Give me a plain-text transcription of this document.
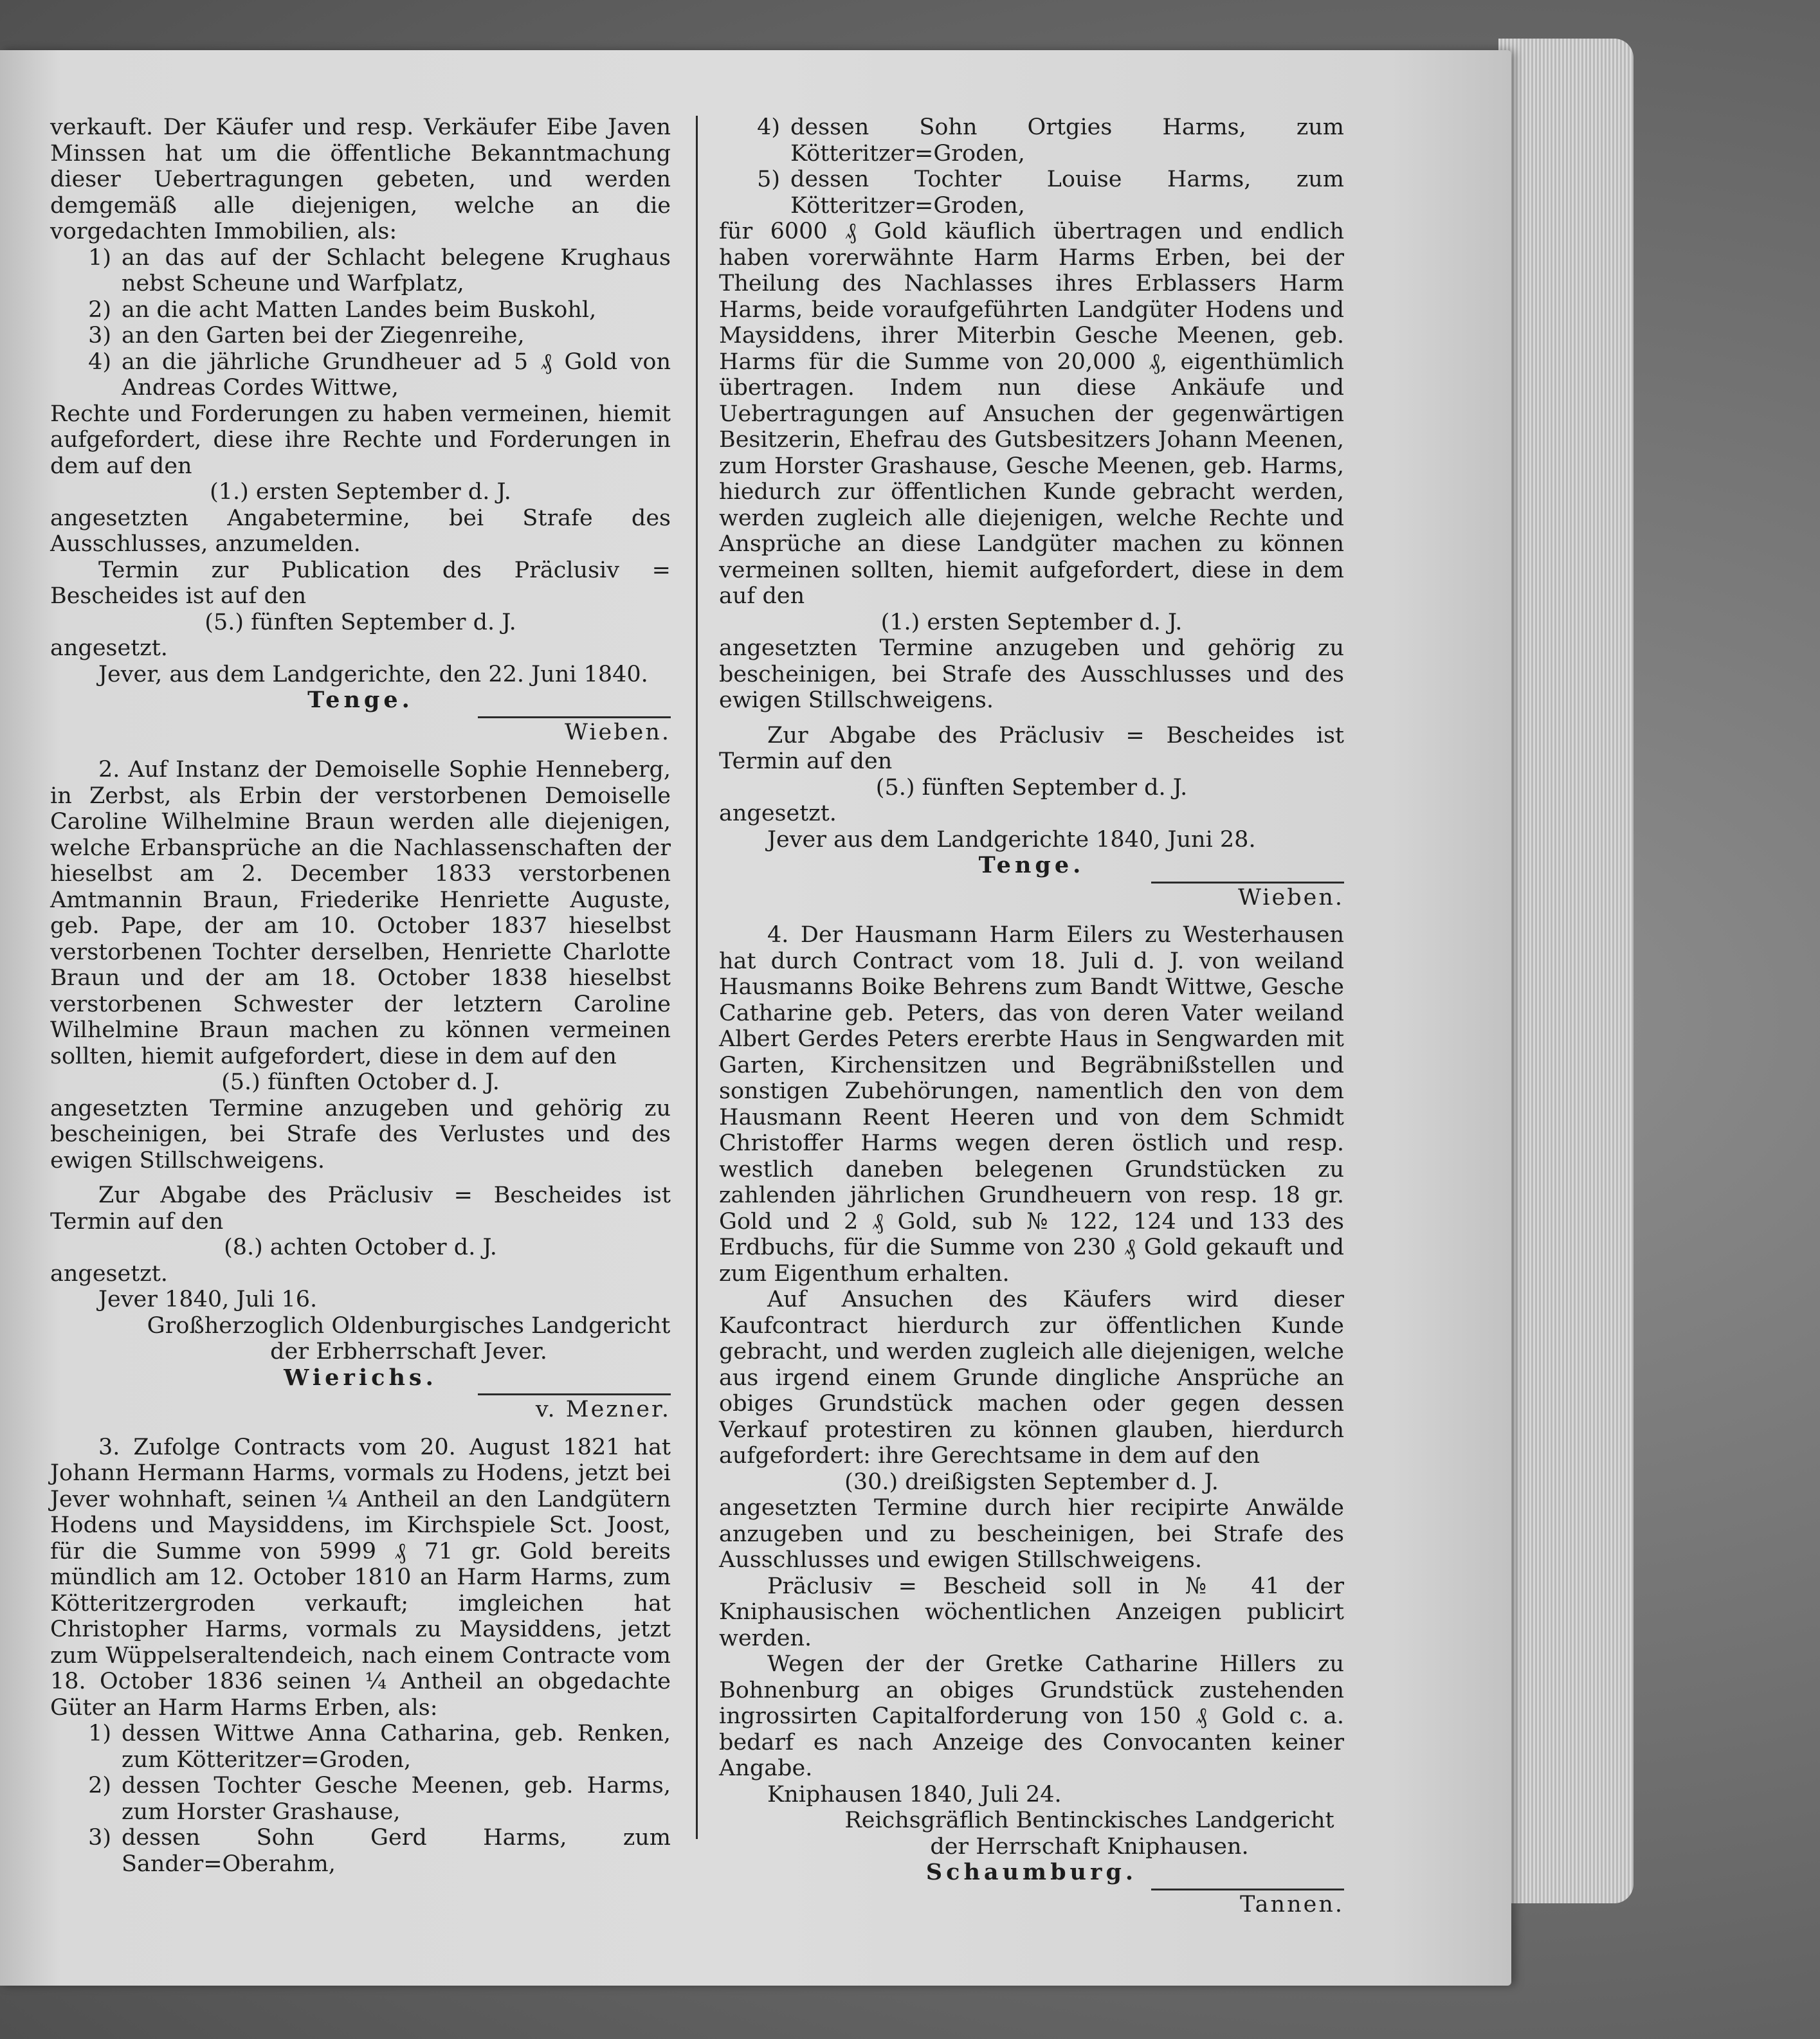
verkauft. Der Käufer und resp. Verkäufer Eibe Javen Minssen hat um die öffentliche Bekanntmachung dieser Uebertragungen gebeten, und werden demgemäß alle diejenigen, welche an die vorgedachten Immobilien, als:

1) an das auf der Schlacht belegene Krughaus nebst Scheune und Warfplatz,
2) an die acht Matten Landes beim Buskohl,
3) an den Garten bei der Ziegenreihe,
4) an die jährliche Grundheuer ad 5 ₰ Gold von Andreas Cordes Wittwe,

Rechte und Forderungen zu haben vermeinen, hiemit aufgefordert, diese ihre Rechte und Forderungen in dem auf den

(1.) ersten September d. J.

angesetzten Angabetermine, bei Strafe des Ausschlusses, anzumelden.

Termin zur Publication des Präclusiv = Bescheides ist auf den

(5.) fünften September d. J.

angesetzt.

Jever, aus dem Landgerichte, den 22. Juni 1840.

Tenge.

Wieben.

2. Auf Instanz der Demoiselle Sophie Henneberg, in Zerbst, als Erbin der verstorbenen Demoiselle Caroline Wilhelmine Braun werden alle diejenigen, welche Erbansprüche an die Nachlassenschaften der hieselbst am 2. December 1833 verstorbenen Amtmannin Braun, Friederike Henriette Auguste, geb. Pape, der am 10. October 1837 hieselbst verstorbenen Tochter derselben, Henriette Charlotte Braun und der am 18. October 1838 hieselbst verstorbenen Schwester der letztern Caroline Wilhelmine Braun machen zu können vermeinen sollten, hiemit aufgefordert, diese in dem auf den

(5.) fünften October d. J.

angesetzten Termine anzugeben und gehörig zu bescheinigen, bei Strafe des Verlustes und des ewigen Stillschweigens.

Zur Abgabe des Präclusiv = Bescheides ist Termin auf den

(8.) achten October d. J.

angesetzt.

Jever 1840, Juli 16.

Großherzoglich Oldenburgisches Landgericht der Erbherrschaft Jever.

Wierichs.

v. Mezner.

3. Zufolge Contracts vom 20. August 1821 hat Johann Hermann Harms, vormals zu Hodens, jetzt bei Jever wohnhaft, seinen ¼ Antheil an den Landgütern Hodens und Maysiddens, im Kirchspiele Sct. Joost, für die Summe von 5999 ₰ 71 gr. Gold bereits mündlich am 12. October 1810 an Harm Harms, zum Kötteritzergroden verkauft; imgleichen hat Christopher Harms, vormals zu Maysiddens, jetzt zum Wüppelseraltendeich, nach einem Contracte vom 18. October 1836 seinen ¼ Antheil an obgedachte Güter an Harm Harms Erben, als:

1) dessen Wittwe Anna Catharina, geb. Renken, zum Kötteritzer=Groden,
2) dessen Tochter Gesche Meenen, geb. Harms, zum Horster Grashause,
3) dessen Sohn Gerd Harms, zum Sander=Oberahm,
4) dessen Sohn Ortgies Harms, zum Kötteritzer=Groden,
5) dessen Tochter Louise Harms, zum Kötteritzer=Groden,

für 6000 ₰ Gold käuflich übertragen und endlich haben vorerwähnte Harm Harms Erben, bei der Theilung des Nachlasses ihres Erblassers Harm Harms, beide voraufgeführten Landgüter Hodens und Maysiddens, ihrer Miterbin Gesche Meenen, geb. Harms für die Summe von 20,000 ₰, eigenthümlich übertragen. Indem nun diese Ankäufe und Uebertragungen auf Ansuchen der gegenwärtigen Besitzerin, Ehefrau des Gutsbesitzers Johann Meenen, zum Horster Grashause, Gesche Meenen, geb. Harms, hiedurch zur öffentlichen Kunde gebracht werden, werden zugleich alle diejenigen, welche Rechte und Ansprüche an diese Landgüter machen zu können vermeinen sollten, hiemit aufgefordert, diese in dem auf den

(1.) ersten September d. J.

angesetzten Termine anzugeben und gehörig zu bescheinigen, bei Strafe des Ausschlusses und des ewigen Stillschweigens.

Zur Abgabe des Präclusiv = Bescheides ist Termin auf den

(5.) fünften September d. J.

angesetzt.

Jever aus dem Landgerichte 1840, Juni 28.

Tenge.

Wieben.

4. Der Hausmann Harm Eilers zu Westerhausen hat durch Contract vom 18. Juli d. J. von weiland Hausmanns Boike Behrens zum Bandt Wittwe, Gesche Catharine geb. Peters, das von deren Vater weiland Albert Gerdes Peters ererbte Haus in Sengwarden mit Garten, Kirchensitzen und Begräbnißstellen und sonstigen Zubehörungen, namentlich den von dem Hausmann Reent Heeren und von dem Schmidt Christoffer Harms wegen deren östlich und resp. westlich daneben belegenen Grundstücken zu zahlenden jährlichen Grundheuern von resp. 18 gr. Gold und 2 ₰ Gold, sub № 122, 124 und 133 des Erdbuchs, für die Summe von 230 ₰ Gold gekauft und zum Eigenthum erhalten.

Auf Ansuchen des Käufers wird dieser Kaufcontract hierdurch zur öffentlichen Kunde gebracht, und werden zugleich alle diejenigen, welche aus irgend einem Grunde dingliche Ansprüche an obiges Grundstück machen oder gegen dessen Verkauf protestiren zu können glauben, hierdurch aufgefordert: ihre Gerechtsame in dem auf den

(30.) dreißigsten September d. J.

angesetzten Termine durch hier recipirte Anwälde anzugeben und zu bescheinigen, bei Strafe des Ausschlusses und ewigen Stillschweigens.

Präclusiv = Bescheid soll in № 41 der Kniphausischen wöchentlichen Anzeigen publicirt werden.

Wegen der der Gretke Catharine Hillers zu Bohnenburg an obiges Grundstück zustehenden ingrossirten Capitalforderung von 150 ₰ Gold c. a. bedarf es nach Anzeige des Convocanten keiner Angabe.

Kniphausen 1840, Juli 24.

Reichsgräflich Bentinckisches Landgericht der Herrschaft Kniphausen.

Schaumburg.

Tannen.
